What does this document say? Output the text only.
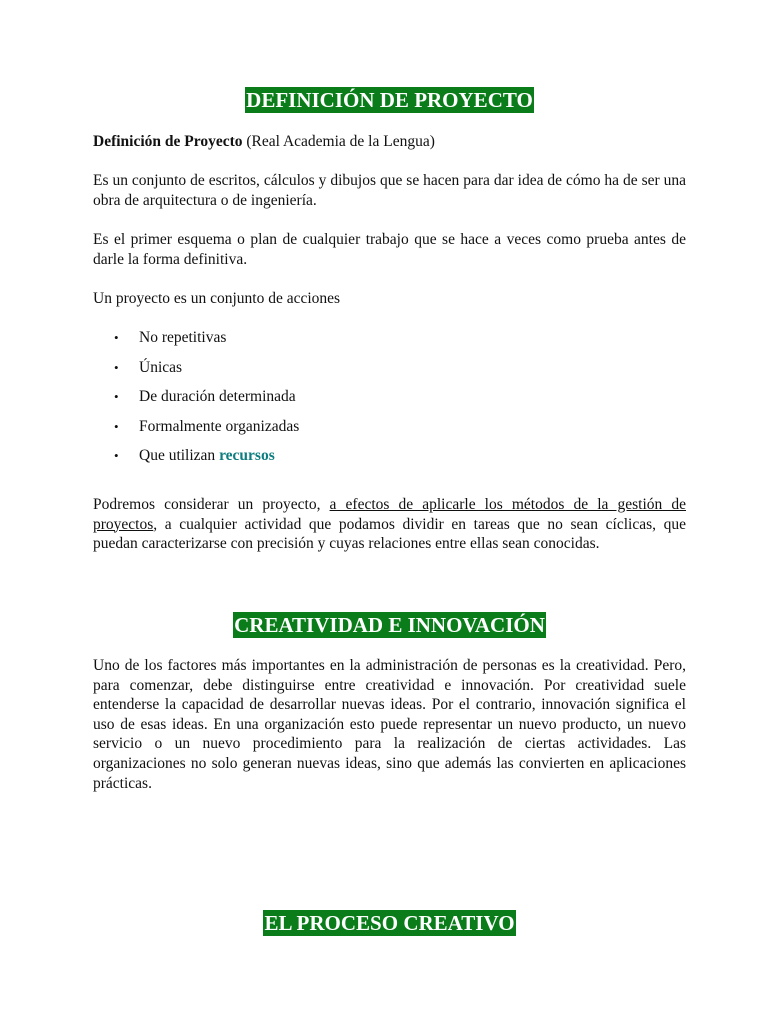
DEFINICIÓN DE PROYECTO

Definición de Proyecto (Real Academia de la Lengua)

Es un conjunto de escritos, cálculos y dibujos que se hacen para dar idea de cómo ha de ser una obra de arquitectura o de ingeniería.

Es el primer esquema o plan de cualquier trabajo que se hace a veces como prueba antes de darle la forma definitiva.

Un proyecto es un conjunto de acciones

• No repetitivas
• Únicas
• De duración determinada
• Formalmente organizadas
• Que utilizan recursos

Podremos considerar un proyecto, a efectos de aplicarle los métodos de la gestión de proyectos, a cualquier actividad que podamos dividir en tareas que no sean cíclicas, que puedan caracterizarse con precisión y cuyas relaciones entre ellas sean conocidas.

CREATIVIDAD E INNOVACIÓN

Uno de los factores más importantes en la administración de personas es la creatividad. Pero, para comenzar, debe distinguirse entre creatividad e innovación. Por creatividad suele entenderse la capacidad de desarrollar nuevas ideas. Por el contrario, innovación significa el uso de esas ideas. En una organización esto puede representar un nuevo producto, un nuevo servicio o un nuevo procedimiento para la realización de ciertas actividades. Las organizaciones no solo generan nuevas ideas, sino que además las convierten en aplicaciones prácticas.

EL PROCESO CREATIVO
